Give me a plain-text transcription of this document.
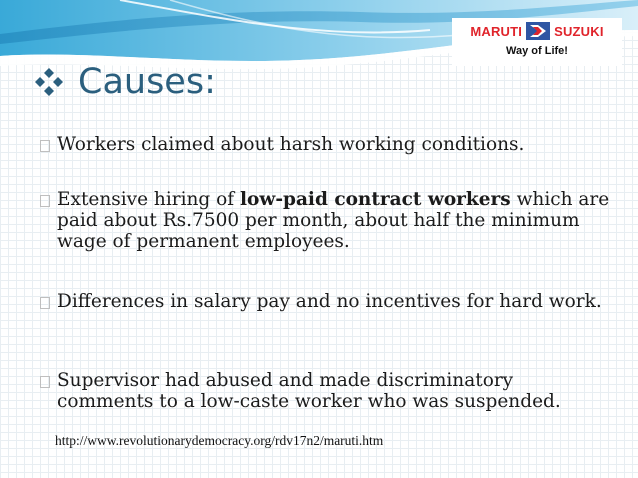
MARUTI SUZUKI
Way of Life!
Causes:
Workers claimed about harsh working conditions.
Extensive hiring of low-paid contract workers which are paid about Rs.7500 per month, about half the minimum wage of permanent employees.
Differences in salary pay and no incentives for hard work.
Supervisor had abused and made discriminatory comments to a low-caste worker who was suspended.
http://www.revolutionarydemocracy.org/rdv17n2/maruti.htm
